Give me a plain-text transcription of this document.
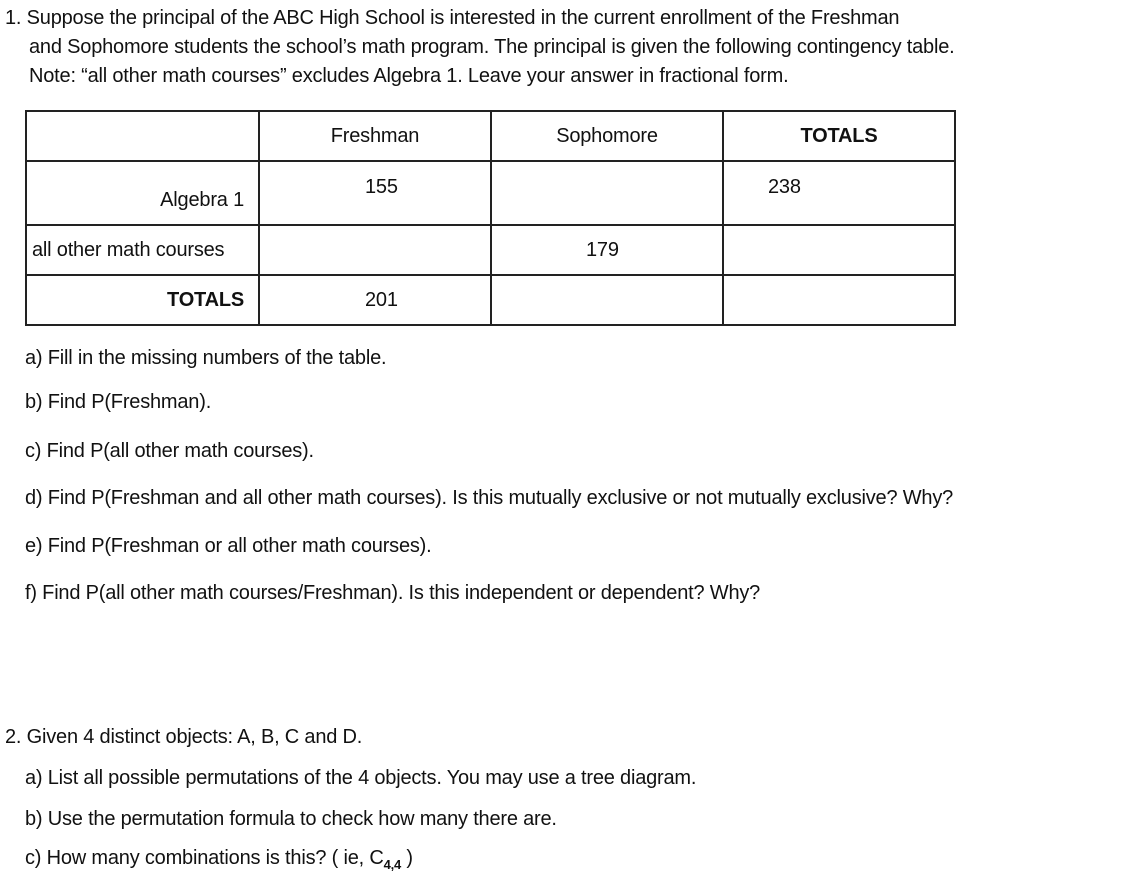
1. Suppose the principal of the ABC High School is interested in the current enrollment of the Freshman
and Sophomore students the school’s math program. The principal is given the following contingency table.
Note: “all other math courses” excludes Algebra 1. Leave your answer in fractional form.
	Freshman	Sophomore	TOTALS
Algebra 1	155		238
all other math courses		179	
TOTALS	201		
a) Fill in the missing numbers of the table.
b) Find P(Freshman).
c) Find P(all other math courses).
d) Find P(Freshman and all other math courses). Is this mutually exclusive or not mutually exclusive? Why?
e) Find P(Freshman or all other math courses).
f) Find P(all other math courses/Freshman). Is this independent or dependent? Why?
2. Given 4 distinct objects: A, B, C and D.
a) List all possible permutations of the 4 objects. You may use a tree diagram.
b) Use the permutation formula to check how many there are.
c) How many combinations is this? ( ie, $C_{4,4}$ )
